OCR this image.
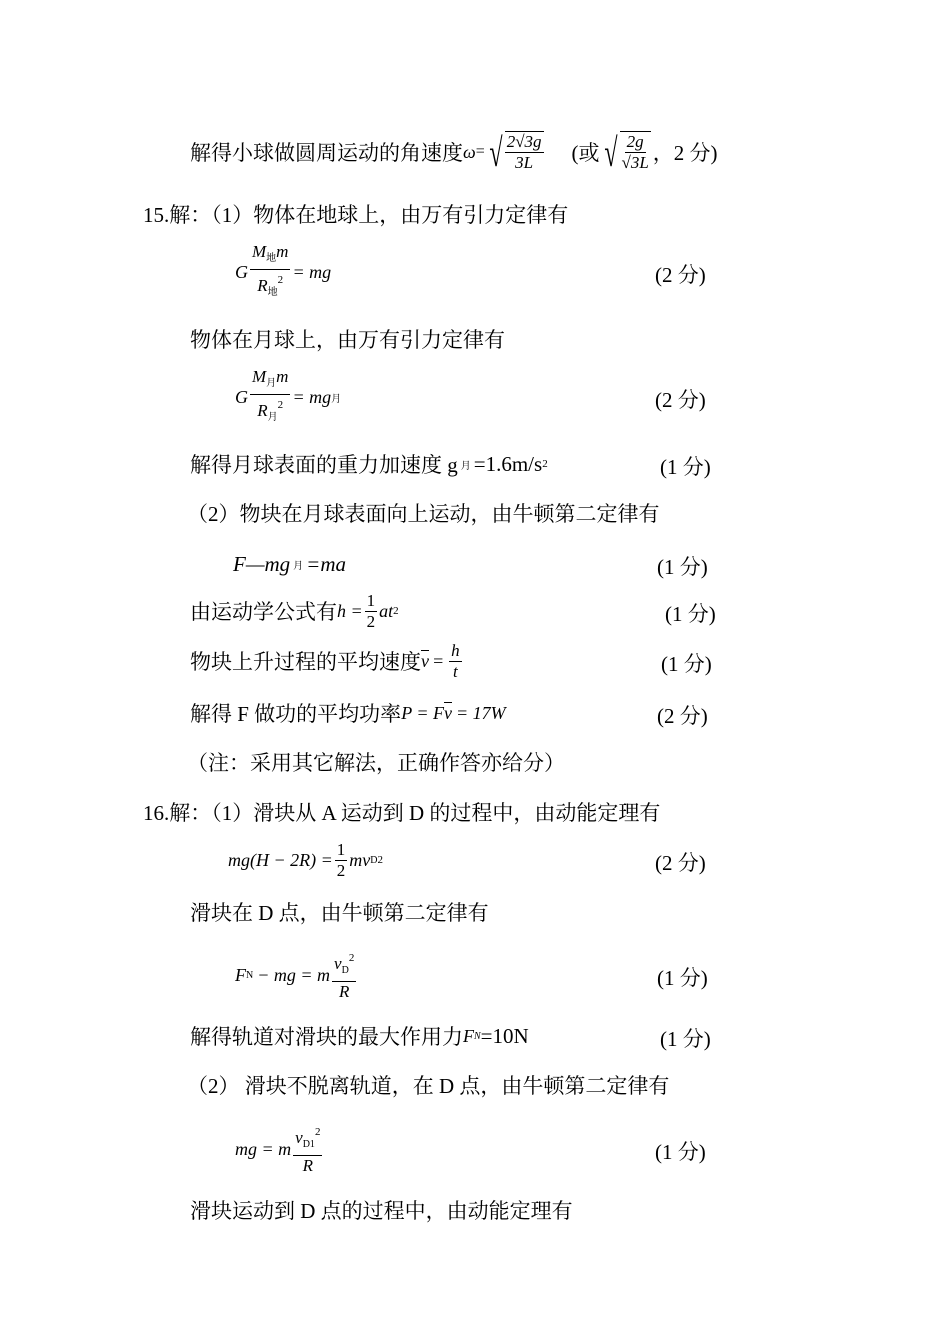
解得小球做圆周运动的角速度 ω = √ $\frac{2√3g}{3L}$ (或 √ $\frac{2g}{√3L}$ ，2 分)
15.解：（1）物体在地球上，由万有引力定律有
G $\frac{M_地m}{R_地^2}$ = mg	(2 分)
物体在月球上，由万有引力定律有
G $\frac{M_月m}{R_月^2}$ = mg 月	(2 分)
解得月球表面的重力加速度 g 月 =1.6m/s 2	(1 分)
（2）物块在月球表面向上运动，由牛顿第二定律有
F—mg 月 =ma	(1 分)
由运动学公式有 $h = \frac{1}{2}$ at 2	(1 分)
物块上升过程的平均速度 $\overline{v} = \frac{h}{t}$	(1 分)
解得 F 做功的平均功率 P = F $\overline{v} = 17W$	(2 分)
（注：采用其它解法，正确作答亦给分）
16.解：（1）滑块从 A 运动到 D 的过程中，由动能定理有
$mg(H - 2R) = \frac{1}{2}$ mv D 2	(2 分)
滑块在 D 点，由牛顿第二定律有
F N − mg = m $\frac{v_D^2}{R}$	(1 分)
解得轨道对滑块的最大作用力 F N =10N	(1 分)
（2） 滑块不脱离轨道，在 D 点，由牛顿第二定律有
mg = m $\frac{v_{D1}^2}{R}$	(1 分)
滑块运动到 D 点的过程中，由动能定理有
